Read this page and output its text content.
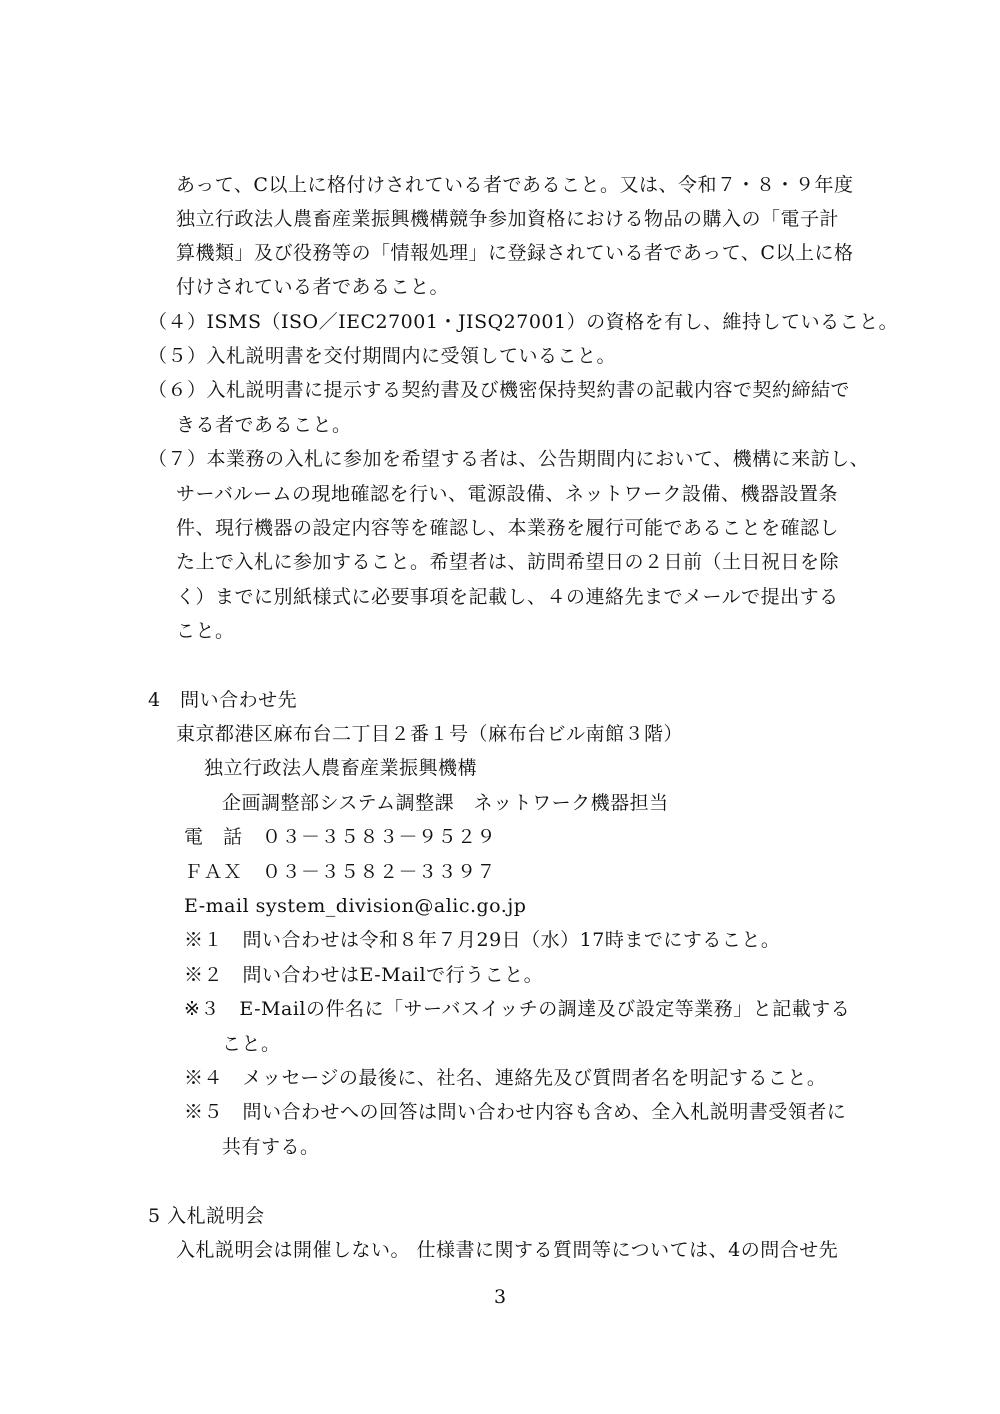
あって、C以上に格付けされている者であること。又は、令和７・８・９年度
独立行政法人農畜産業振興機構競争参加資格における物品の購入の「電子計
算機類」及び役務等の「情報処理」に登録されている者であって、C以上に格
付けされている者であること。
（４）ISMS（ISO／IEC27001・JISQ27001）の資格を有し、維持していること。
（５）入札説明書を交付期間内に受領していること。
（６）入札説明書に提示する契約書及び機密保持契約書の記載内容で契約締結で
きる者であること。
（７）本業務の入札に参加を希望する者は、公告期間内において、機構に来訪し、
サーバルームの現地確認を行い、電源設備、ネットワーク設備、機器設置条
件、現行機器の設定内容等を確認し、本業務を履行可能であることを確認し
た上で入札に参加すること。希望者は、訪問希望日の２日前（土日祝日を除
く）までに別紙様式に必要事項を記載し、４の連絡先までメールで提出する
こと。
4　問い合わせ先
東京都港区麻布台二丁目２番１号（麻布台ビル南館３階）
独立行政法人農畜産業振興機構
企画調整部システム調整課　ネットワーク機器担当
電　話　０３－３５８３－９５２９
ＦＡＸ　０３－３５８２－３３９７
E-mail system_division@alic.go.jp
※１　問い合わせは令和８年７月29日（水）17時までにすること。
※２　問い合わせはE-Mailで行うこと。
※３　E-Mailの件名に「サーバスイッチの調達及び設定等業務」と記載する
こと。
※４　メッセージの最後に、社名、連絡先及び質問者名を明記すること。
※５　問い合わせへの回答は問い合わせ内容も含め、全入札説明書受領者に
共有する。
5 入札説明会
入札説明会は開催しない。 仕様書に関する質問等については、4の問合せ先
3
